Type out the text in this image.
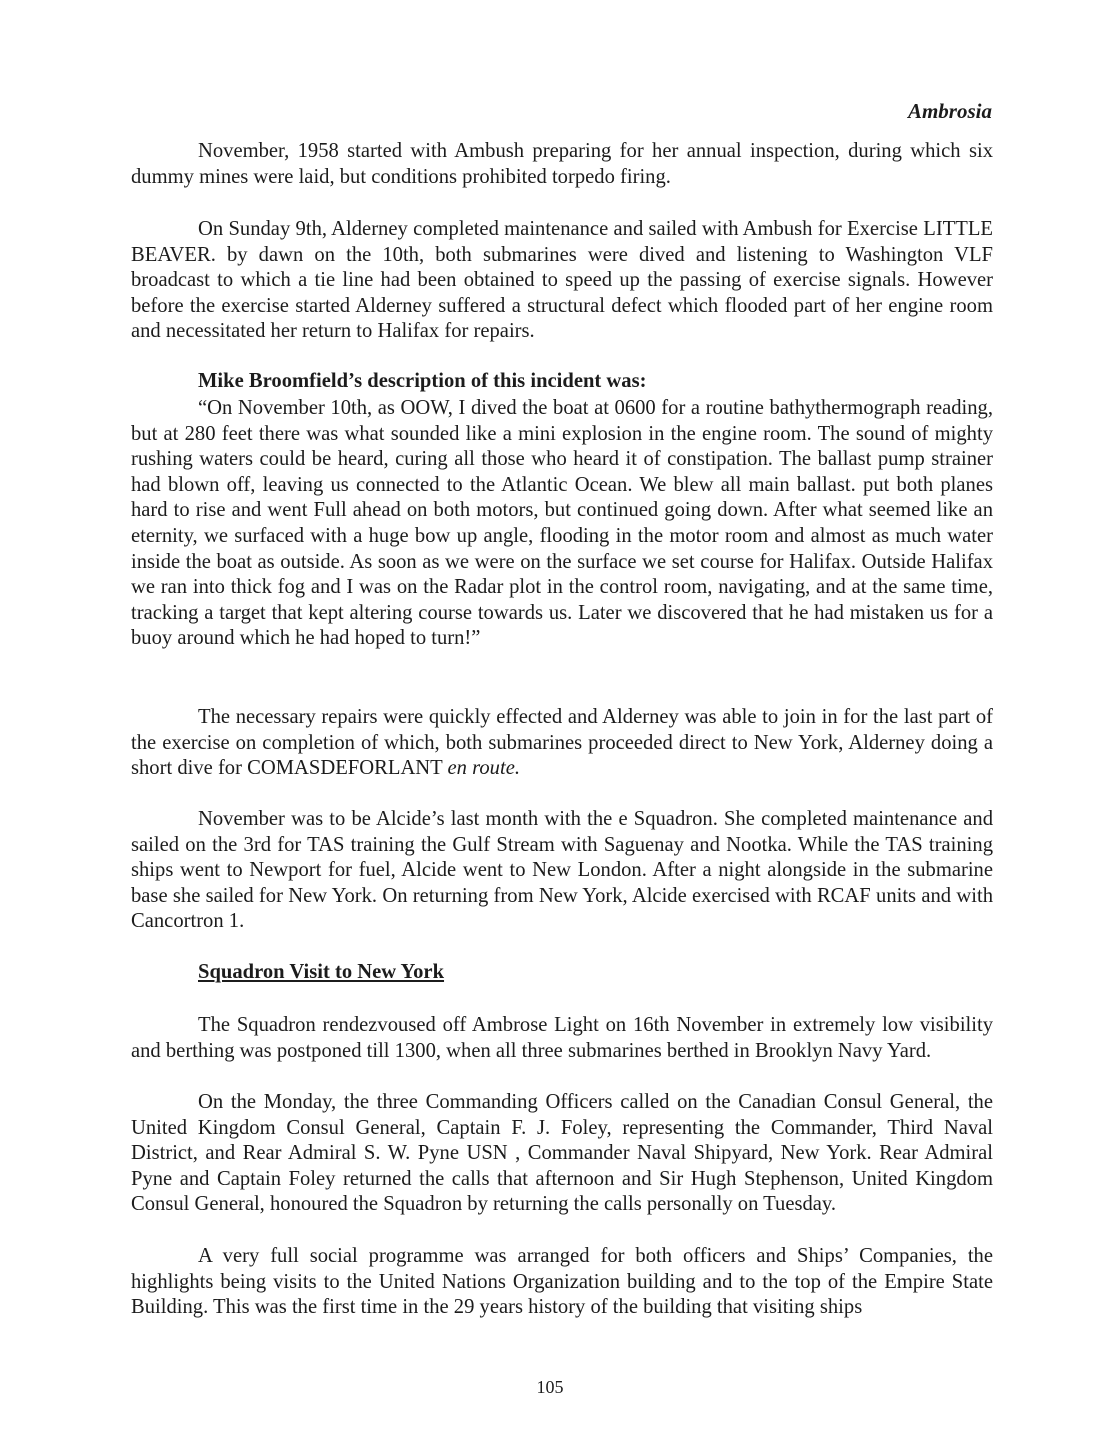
Ambrosia

November, 1958 started with Ambush preparing for her annual inspection, during which six dummy mines were laid, but conditions prohibited torpedo firing.

On Sunday 9th, Alderney completed maintenance and sailed with Ambush for Exercise LITTLE BEAVER. by dawn on the 10th, both submarines were dived and listening to Washington VLF broadcast to which a tie line had been obtained to speed up the passing of exercise signals. However before the exercise started Alderney suffered a structural defect which flooded part of her engine room and necessitated her return to Halifax for repairs.

Mike Broomfield’s description of this incident was:

“On November 10th, as OOW, I dived the boat at 0600 for a routine bathythermograph reading, but at 280 feet there was what sounded like a mini explosion in the engine room. The sound of mighty rushing waters could be heard, curing all those who heard it of constipation. The ballast pump strainer had blown off, leaving us connected to the Atlantic Ocean. We blew all main ballast. put both planes hard to rise and went Full ahead on both motors, but continued going down. After what seemed like an eternity, we surfaced with a huge bow up angle, flooding in the motor room and almost as much water inside the boat as outside. As soon as we were on the surface we set course for Halifax. Outside Halifax we ran into thick fog and I was on the Radar plot in the control room, navigating, and at the same time, tracking a target that kept altering course towards us. Later we discovered that he had mistaken us for a buoy around which he had hoped to turn!”

The necessary repairs were quickly effected and Alderney was able to join in for the last part of the exercise on completion of which, both submarines proceeded direct to New York, Alderney doing a short dive for COMASDEFORLANT en route.

November was to be Alcide’s last month with the e Squadron. She completed maintenance and sailed on the 3rd for TAS training the Gulf Stream with Saguenay and Nootka. While the TAS training ships went to Newport for fuel, Alcide went to New London. After a night alongside in the submarine base she sailed for New York. On returning from New York, Alcide exercised with RCAF units and with Cancortron 1.

Squadron Visit to New York

The Squadron rendezvoused off Ambrose Light on 16th November in extremely low visibility and berthing was postponed till 1300, when all three submarines berthed in Brooklyn Navy Yard.

On the Monday, the three Commanding Officers called on the Canadian Consul General, the United Kingdom Consul General, Captain F. J. Foley, representing the Commander, Third Naval District, and Rear Admiral S. W. Pyne USN , Commander Naval Shipyard, New York. Rear Admiral Pyne and Captain Foley returned the calls that afternoon and Sir Hugh Stephenson, United Kingdom Consul General, honoured the Squadron by returning the calls personally on Tuesday.

A very full social programme was arranged for both officers and Ships’ Companies, the highlights being visits to the United Nations Organization building and to the top of the Empire State Building. This was the first time in the 29 years history of the building that visiting ships

105
